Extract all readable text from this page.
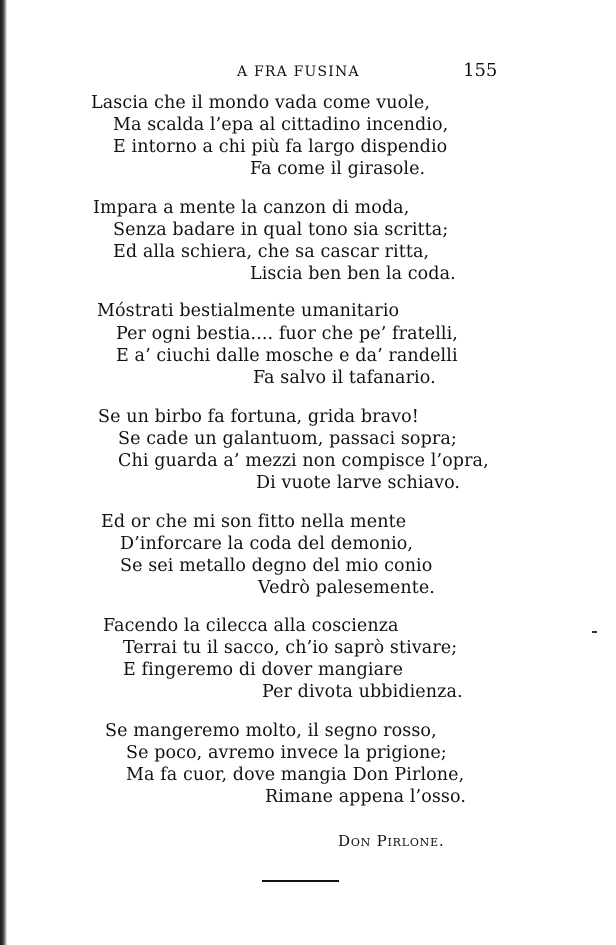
A FRA FUSINA	155
Lascia che il mondo vada come vuole,
Ma scalda l’epa al cittadino incendio,
E intorno a chi più fa largo dispendio
Fa come il girasole.
Impara a mente la canzon di moda,
Senza badare in qual tono sia scritta;
Ed alla schiera, che sa cascar ritta,
Liscia ben ben la coda.
Móstrati bestialmente umanitario
Per ogni bestia.... fuor che pe’ fratelli,
E a’ ciuchi dalle mosche e da’ randelli
Fa salvo il tafanario.
Se un birbo fa fortuna, grida bravo!
Se cade un galantuom, passaci sopra;
Chi guarda a’ mezzi non compisce l’opra,
Di vuote larve schiavo.
Ed or che mi son fitto nella mente
D’inforcare la coda del demonio,
Se sei metallo degno del mio conio
Vedrò palesemente.
Facendo la cilecca alla coscienza
Terrai tu il sacco, ch’io saprò stivare;
E fingeremo di dover mangiare
Per divota ubbidienza.
Se mangeremo molto, il segno rosso,
Se poco, avremo invece la prigione;
Ma fa cuor, dove mangia Don Pirlone,
Rimane appena l’osso.
Don Pirlone.
